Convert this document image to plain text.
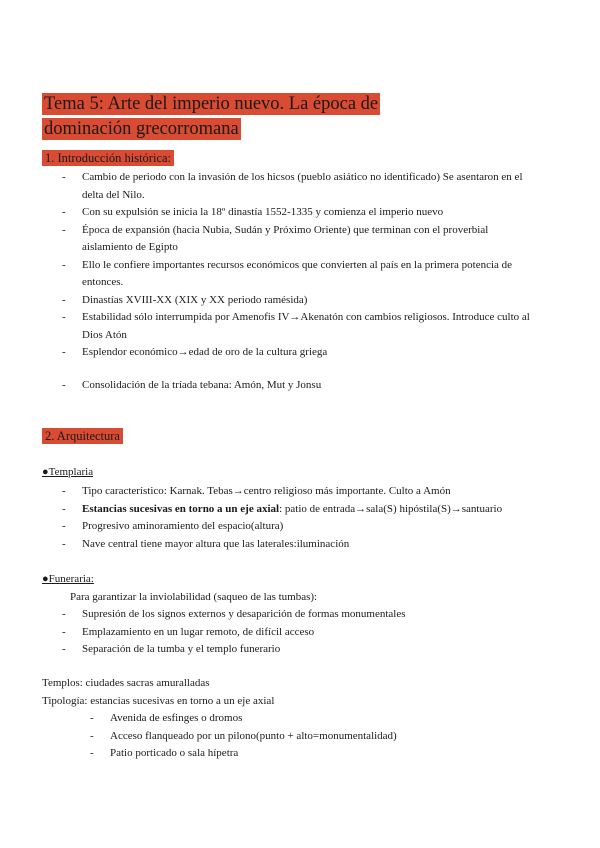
Tema 5: Arte del imperio nuevo. La época de dominación grecorromana
1. Introducción histórica:
- Cambio de periodo con la invasión de los hicsos (pueblo asiático no identificado) Se asentaron en el delta del Nilo.
- Con su expulsión se inicia la 18º dinastía 1552-1335 y comienza el imperio nuevo
- Época de expansión (hacia Nubia, Sudán y Próximo Oriente) que terminan con el proverbial aislamiento de Egipto
- Ello le confiere importantes recursos económicos que convierten al país en la primera potencia de entonces.
- Dinastías XVIII-XX (XIX y XX periodo ramésida)
- Estabilidad sólo interrumpida por Amenofis IV→Akenatón con cambios religiosos. Introduce culto al Dios Atón
- Esplendor económico→edad de oro de la cultura griega
- Consolidación de la tríada tebana: Amón, Mut y Jonsu
2. Arquitectura
●Templaria
- Tipo característico: Karnak. Tebas→centro religioso más importante. Culto a Amón
- Estancias sucesivas en torno a un eje axial: patio de entrada→sala(S) hipóstila(S)→santuario
- Progresivo aminoramiento del espacio(altura)
- Nave central tiene mayor altura que las laterales:iluminación
●Funeraria:
Para garantizar la inviolabilidad (saqueo de las tumbas):
- Supresión de los signos externos y desaparición de formas monumentales
- Emplazamiento en un lugar remoto, de difícil acceso
- Separación de la tumba y el templo funerario
Templos: ciudades sacras amuralladas
Tipología: estancias sucesivas en torno a un eje axial
- Avenida de esfinges o dromos
- Acceso flanqueado por un pilono(punto + alto=monumentalidad)
- Patio porticado o sala hípetra
